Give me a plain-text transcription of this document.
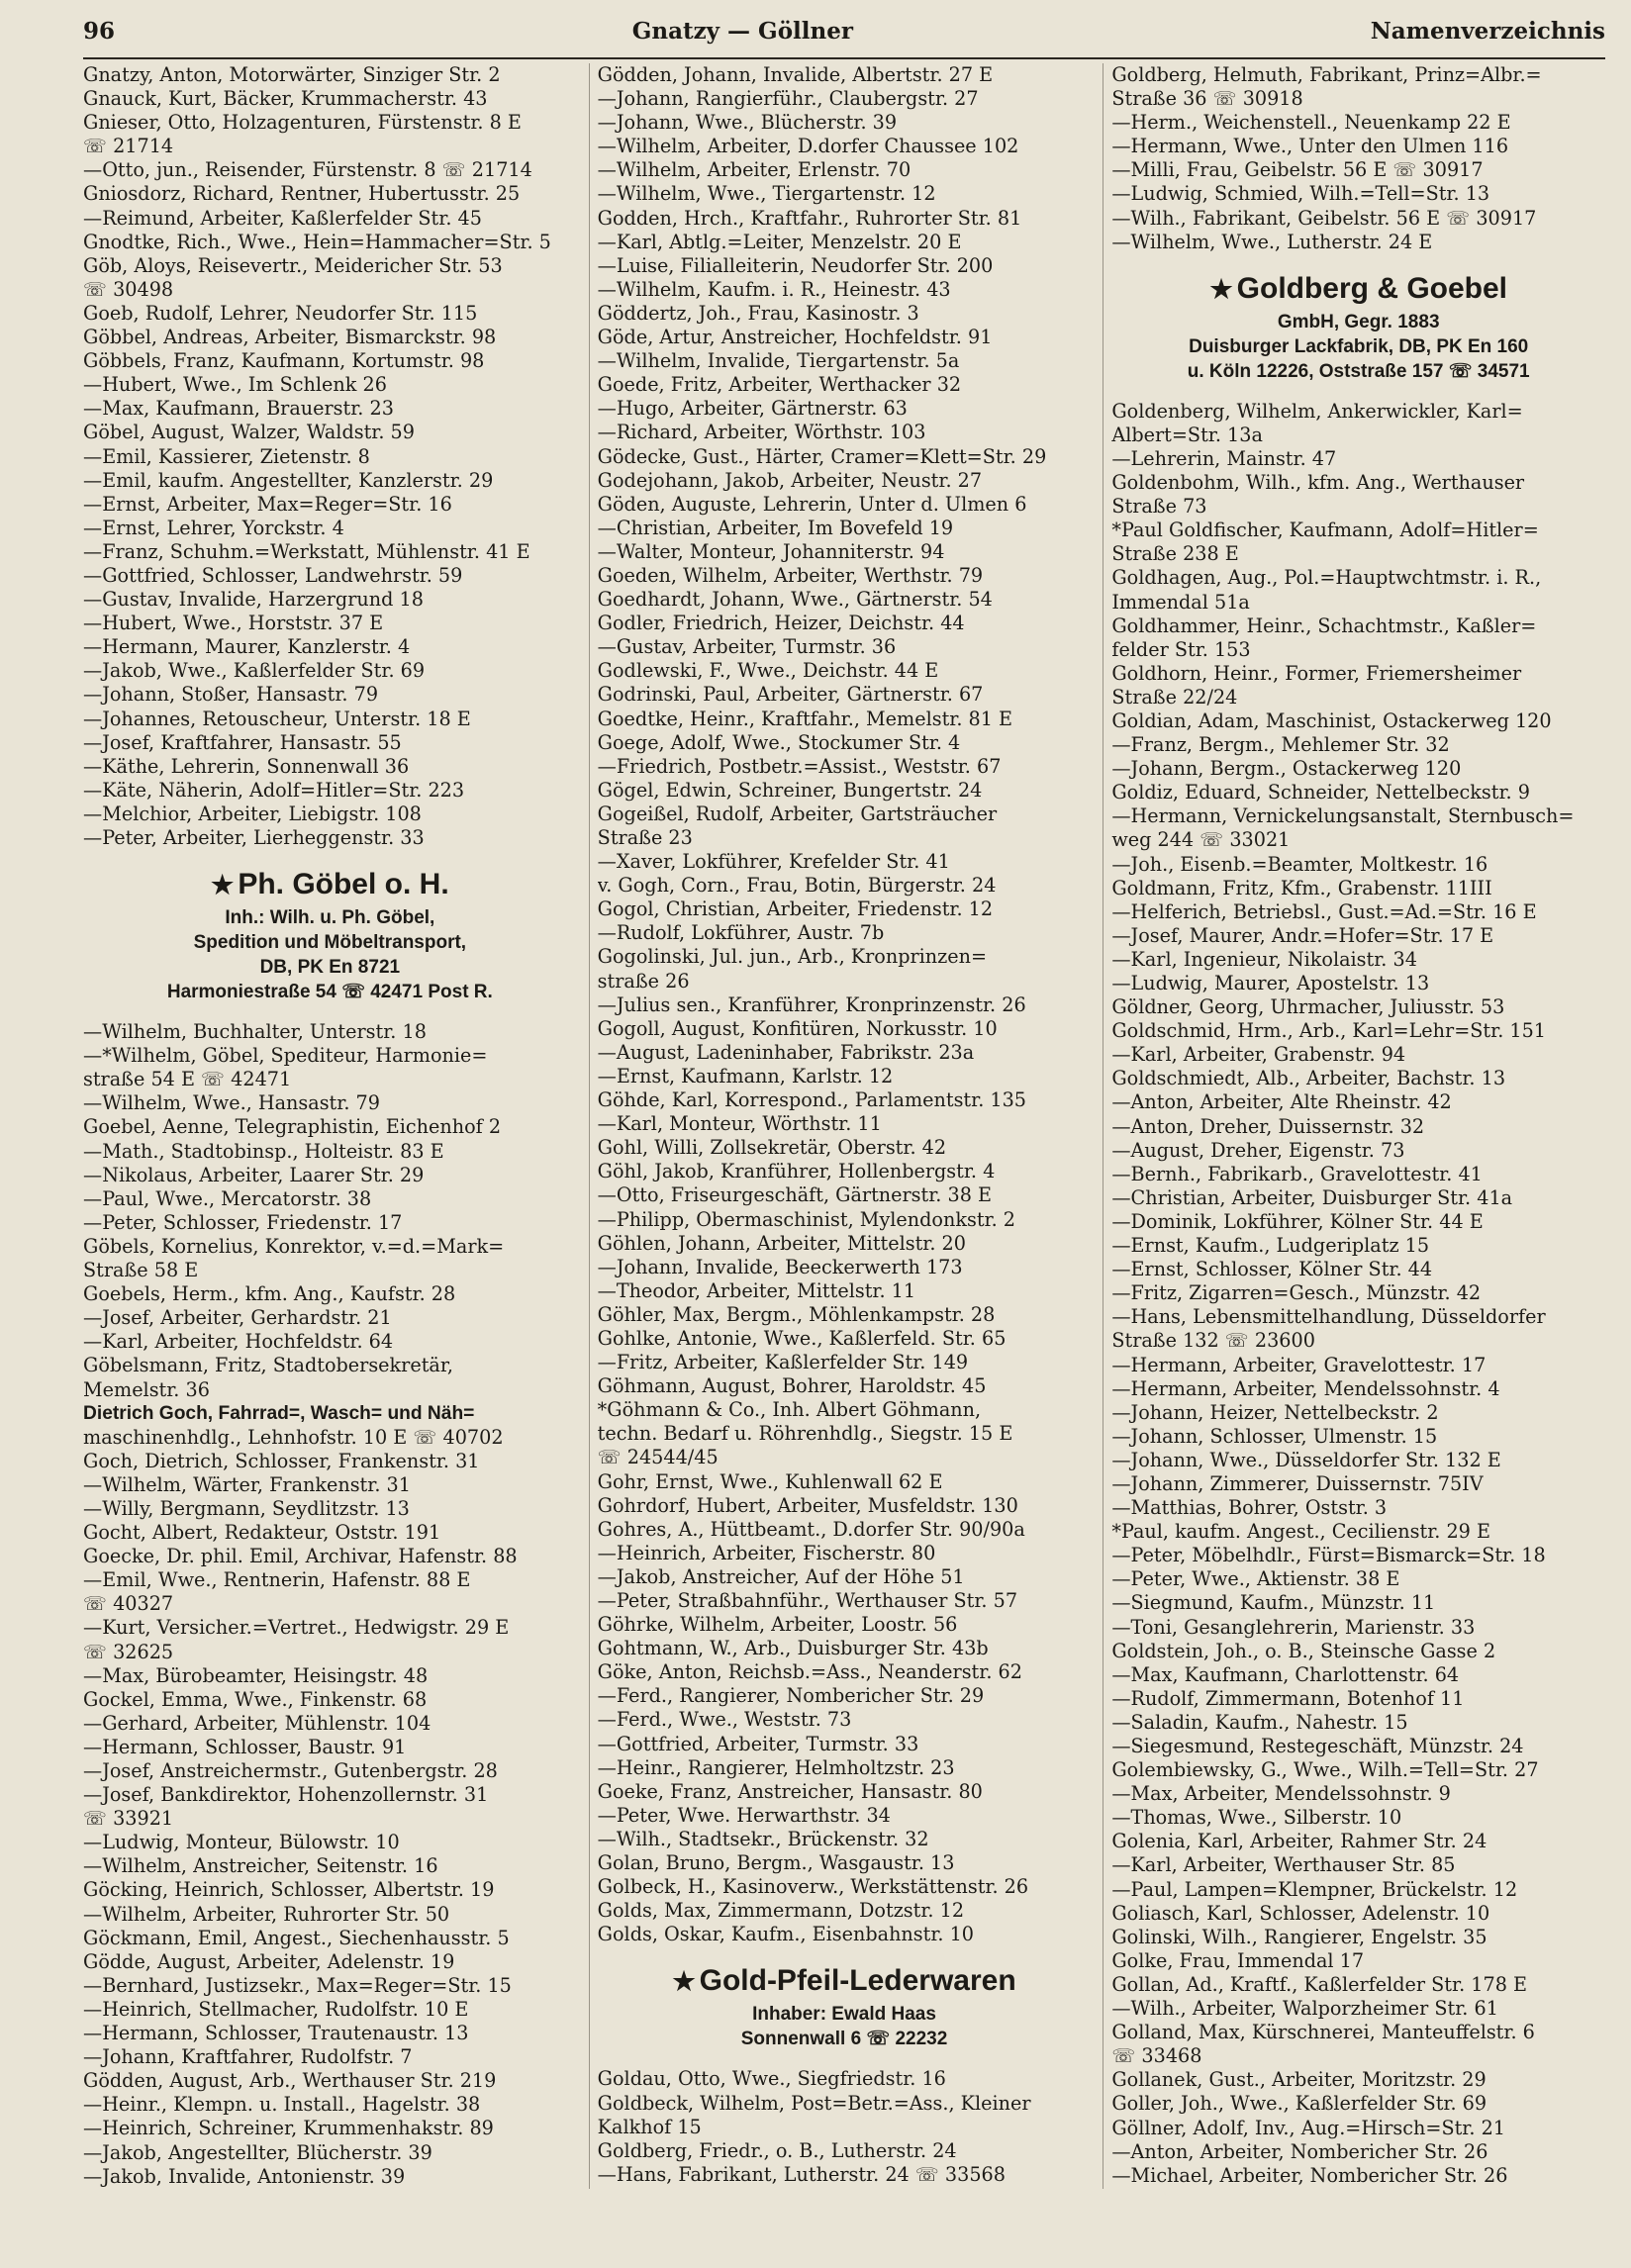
96	Gnatzy — Göllner	Namenverzeichnis
Gnatzy, Anton, Motorwärter, Sinziger Str. 2
Gnauck, Kurt, Bäcker, Krummacherstr. 43
Gnieser, Otto, Holzagenturen, Fürstenstr. 8 E
☏ 21714
—Otto, jun., Reisender, Fürstenstr. 8 ☏ 21714
Gniosdorz, Richard, Rentner, Hubertusstr. 25
—Reimund, Arbeiter, Kaßlerfelder Str. 45
Gnodtke, Rich., Wwe., Hein=Hammacher=Str. 5
Göb, Aloys, Reisevertr., Meidericher Str. 53
☏ 30498
Goeb, Rudolf, Lehrer, Neudorfer Str. 115
Göbbel, Andreas, Arbeiter, Bismarckstr. 98
Göbbels, Franz, Kaufmann, Kortumstr. 98
—Hubert, Wwe., Im Schlenk 26
—Max, Kaufmann, Brauerstr. 23
Göbel, August, Walzer, Waldstr. 59
—Emil, Kassierer, Zietenstr. 8
—Emil, kaufm. Angestellter, Kanzlerstr. 29
—Ernst, Arbeiter, Max=Reger=Str. 16
—Ernst, Lehrer, Yorckstr. 4
—Franz, Schuhm.=Werkstatt, Mühlenstr. 41 E
—Gottfried, Schlosser, Landwehrstr. 59
—Gustav, Invalide, Harzergrund 18
—Hubert, Wwe., Horststr. 37 E
—Hermann, Maurer, Kanzlerstr. 4
—Jakob, Wwe., Kaßlerfelder Str. 69
—Johann, Stoßer, Hansastr. 79
—Johannes, Retouscheur, Unterstr. 18 E
—Josef, Kraftfahrer, Hansastr. 55
—Käthe, Lehrerin, Sonnenwall 36
—Käte, Näherin, Adolf=Hitler=Str. 223
—Melchior, Arbeiter, Liebigstr. 108
—Peter, Arbeiter, Lierheggenstr. 33
★ Ph. Göbel o. H.
Inh.: Wilh. u. Ph. Göbel,
Spedition und Möbeltransport,
DB, PK En 8721
Harmoniestraße 54 ☏ 42471 Post R.
—Wilhelm, Buchhalter, Unterstr. 18
—*Wilhelm, Göbel, Spediteur, Harmonie=
straße 54 E ☏ 42471
—Wilhelm, Wwe., Hansastr. 79
Goebel, Aenne, Telegraphistin, Eichenhof 2
—Math., Stadtobinsp., Holteistr. 83 E
—Nikolaus, Arbeiter, Laarer Str. 29
—Paul, Wwe., Mercatorstr. 38
—Peter, Schlosser, Friedenstr. 17
Göbels, Kornelius, Konrektor, v.=d.=Mark=
Straße 58 E
Goebels, Herm., kfm. Ang., Kaufstr. 28
—Josef, Arbeiter, Gerhardstr. 21
—Karl, Arbeiter, Hochfeldstr. 64
Göbelsmann, Fritz, Stadtobersekretär,
Memelstr. 36
Dietrich Goch, Fahrrad=, Wasch= und Näh=
maschinenhdlg., Lehnhofstr. 10 E ☏ 40702
Goch, Dietrich, Schlosser, Frankenstr. 31
—Wilhelm, Wärter, Frankenstr. 31
—Willy, Bergmann, Seydlitzstr. 13
Gocht, Albert, Redakteur, Oststr. 191
Goecke, Dr. phil. Emil, Archivar, Hafenstr. 88
—Emil, Wwe., Rentnerin, Hafenstr. 88 E
☏ 40327
—Kurt, Versicher.=Vertret., Hedwigstr. 29 E
☏ 32625
—Max, Bürobeamter, Heisingstr. 48
Gockel, Emma, Wwe., Finkenstr. 68
—Gerhard, Arbeiter, Mühlenstr. 104
—Hermann, Schlosser, Baustr. 91
—Josef, Anstreichermstr., Gutenbergstr. 28
—Josef, Bankdirektor, Hohenzollernstr. 31
☏ 33921
—Ludwig, Monteur, Bülowstr. 10
—Wilhelm, Anstreicher, Seitenstr. 16
Göcking, Heinrich, Schlosser, Albertstr. 19
—Wilhelm, Arbeiter, Ruhrorter Str. 50
Göckmann, Emil, Angest., Siechenhausstr. 5
Gödde, August, Arbeiter, Adelenstr. 19
—Bernhard, Justizsekr., Max=Reger=Str. 15
—Heinrich, Stellmacher, Rudolfstr. 10 E
—Hermann, Schlosser, Trautenaustr. 13
—Johann, Kraftfahrer, Rudolfstr. 7
Gödden, August, Arb., Werthauser Str. 219
—Heinr., Klempn. u. Install., Hagelstr. 38
—Heinrich, Schreiner, Krummenhakstr. 89
—Jakob, Angestellter, Blücherstr. 39
—Jakob, Invalide, Antonienstr. 39
Gödden, Johann, Invalide, Albertstr. 27 E
—Johann, Rangierführ., Claubergstr. 27
—Johann, Wwe., Blücherstr. 39
—Wilhelm, Arbeiter, D.dorfer Chaussee 102
—Wilhelm, Arbeiter, Erlenstr. 70
—Wilhelm, Wwe., Tiergartenstr. 12
Godden, Hrch., Kraftfahr., Ruhrorter Str. 81
—Karl, Abtlg.=Leiter, Menzelstr. 20 E
—Luise, Filialleiterin, Neudorfer Str. 200
—Wilhelm, Kaufm. i. R., Heinestr. 43
Göddertz, Joh., Frau, Kasinostr. 3
Göde, Artur, Anstreicher, Hochfeldstr. 91
—Wilhelm, Invalide, Tiergartenstr. 5a
Goede, Fritz, Arbeiter, Werthacker 32
—Hugo, Arbeiter, Gärtnerstr. 63
—Richard, Arbeiter, Wörthstr. 103
Gödecke, Gust., Härter, Cramer=Klett=Str. 29
Godejohann, Jakob, Arbeiter, Neustr. 27
Göden, Auguste, Lehrerin, Unter d. Ulmen 6
—Christian, Arbeiter, Im Bovefeld 19
—Walter, Monteur, Johanniterstr. 94
Goeden, Wilhelm, Arbeiter, Werthstr. 79
Goedhardt, Johann, Wwe., Gärtnerstr. 54
Godler, Friedrich, Heizer, Deichstr. 44
—Gustav, Arbeiter, Turmstr. 36
Godlewski, F., Wwe., Deichstr. 44 E
Godrinski, Paul, Arbeiter, Gärtnerstr. 67
Goedtke, Heinr., Kraftfahr., Memelstr. 81 E
Goege, Adolf, Wwe., Stockumer Str. 4
—Friedrich, Postbetr.=Assist., Weststr. 67
Gögel, Edwin, Schreiner, Bungertstr. 24
Gogeißel, Rudolf, Arbeiter, Gartsträucher
Straße 23
—Xaver, Lokführer, Krefelder Str. 41
v. Gogh, Corn., Frau, Botin, Bürgerstr. 24
Gogol, Christian, Arbeiter, Friedenstr. 12
—Rudolf, Lokführer, Austr. 7b
Gogolinski, Jul. jun., Arb., Kronprinzen=
straße 26
—Julius sen., Kranführer, Kronprinzenstr. 26
Gogoll, August, Konfitüren, Norkusstr. 10
—August, Ladeninhaber, Fabrikstr. 23a
—Ernst, Kaufmann, Karlstr. 12
Göhde, Karl, Korrespond., Parlamentstr. 135
—Karl, Monteur, Wörthstr. 11
Gohl, Willi, Zollsekretär, Oberstr. 42
Göhl, Jakob, Kranführer, Hollenbergstr. 4
—Otto, Friseurgeschäft, Gärtnerstr. 38 E
—Philipp, Obermaschinist, Mylendonkstr. 2
Göhlen, Johann, Arbeiter, Mittelstr. 20
—Johann, Invalide, Beeckerwerth 173
—Theodor, Arbeiter, Mittelstr. 11
Göhler, Max, Bergm., Möhlenkampstr. 28
Gohlke, Antonie, Wwe., Kaßlerfeld. Str. 65
—Fritz, Arbeiter, Kaßlerfelder Str. 149
Göhmann, August, Bohrer, Haroldstr. 45
*Göhmann & Co., Inh. Albert Göhmann,
techn. Bedarf u. Röhrenhdlg., Siegstr. 15 E
☏ 24544/45
Gohr, Ernst, Wwe., Kuhlenwall 62 E
Gohrdorf, Hubert, Arbeiter, Musfeldstr. 130
Gohres, A., Hüttbeamt., D.dorfer Str. 90/90a
—Heinrich, Arbeiter, Fischerstr. 80
—Jakob, Anstreicher, Auf der Höhe 51
—Peter, Straßbahnführ., Werthauser Str. 57
Göhrke, Wilhelm, Arbeiter, Loostr. 56
Gohtmann, W., Arb., Duisburger Str. 43b
Göke, Anton, Reichsb.=Ass., Neanderstr. 62
—Ferd., Rangierer, Nombericher Str. 29
—Ferd., Wwe., Weststr. 73
—Gottfried, Arbeiter, Turmstr. 33
—Heinr., Rangierer, Helmholtzstr. 23
Goeke, Franz, Anstreicher, Hansastr. 80
—Peter, Wwe. Herwarthstr. 34
—Wilh., Stadtsekr., Brückenstr. 32
Golan, Bruno, Bergm., Wasgaustr. 13
Golbeck, H., Kasinoverw., Werkstättenstr. 26
Golds, Max, Zimmermann, Dotzstr. 12
Golds, Oskar, Kaufm., Eisenbahnstr. 10
★ Gold-Pfeil-Lederwaren
Inhaber: Ewald Haas
Sonnenwall 6 ☏ 22232
Goldau, Otto, Wwe., Siegfriedstr. 16
Goldbeck, Wilhelm, Post=Betr.=Ass., Kleiner
Kalkhof 15
Goldberg, Friedr., o. B., Lutherstr. 24
—Hans, Fabrikant, Lutherstr. 24 ☏ 33568
Goldberg, Helmuth, Fabrikant, Prinz=Albr.=
Straße 36 ☏ 30918
—Herm., Weichenstell., Neuenkamp 22 E
—Hermann, Wwe., Unter den Ulmen 116
—Milli, Frau, Geibelstr. 56 E ☏ 30917
—Ludwig, Schmied, Wilh.=Tell=Str. 13
—Wilh., Fabrikant, Geibelstr. 56 E ☏ 30917
—Wilhelm, Wwe., Lutherstr. 24 E
★ Goldberg & Goebel
GmbH, Gegr. 1883
Duisburger Lackfabrik, DB, PK En 160
u. Köln 12226, Oststraße 157 ☏ 34571
Goldenberg, Wilhelm, Ankerwickler, Karl=
Albert=Str. 13a
—Lehrerin, Mainstr. 47
Goldenbohm, Wilh., kfm. Ang., Werthauser
Straße 73
*Paul Goldfischer, Kaufmann, Adolf=Hitler=
Straße 238 E
Goldhagen, Aug., Pol.=Hauptwchtmstr. i. R.,
Immendal 51a
Goldhammer, Heinr., Schachtmstr., Kaßler=
felder Str. 153
Goldhorn, Heinr., Former, Friemersheimer
Straße 22/24
Goldian, Adam, Maschinist, Ostackerweg 120
—Franz, Bergm., Mehlemer Str. 32
—Johann, Bergm., Ostackerweg 120
Goldiz, Eduard, Schneider, Nettelbeckstr. 9
—Hermann, Vernickelungsanstalt, Sternbusch=
weg 244 ☏ 33021
—Joh., Eisenb.=Beamter, Moltkestr. 16
Goldmann, Fritz, Kfm., Grabenstr. 11III
—Helferich, Betriebsl., Gust.=Ad.=Str. 16 E
—Josef, Maurer, Andr.=Hofer=Str. 17 E
—Karl, Ingenieur, Nikolaistr. 34
—Ludwig, Maurer, Apostelstr. 13
Göldner, Georg, Uhrmacher, Juliusstr. 53
Goldschmid, Hrm., Arb., Karl=Lehr=Str. 151
—Karl, Arbeiter, Grabenstr. 94
Goldschmiedt, Alb., Arbeiter, Bachstr. 13
—Anton, Arbeiter, Alte Rheinstr. 42
—Anton, Dreher, Duissernstr. 32
—August, Dreher, Eigenstr. 73
—Bernh., Fabrikarb., Gravelottestr. 41
—Christian, Arbeiter, Duisburger Str. 41a
—Dominik, Lokführer, Kölner Str. 44 E
—Ernst, Kaufm., Ludgeriplatz 15
—Ernst, Schlosser, Kölner Str. 44
—Fritz, Zigarren=Gesch., Münzstr. 42
—Hans, Lebensmittelhandlung, Düsseldorfer
Straße 132 ☏ 23600
—Hermann, Arbeiter, Gravelottestr. 17
—Hermann, Arbeiter, Mendelssohnstr. 4
—Johann, Heizer, Nettelbeckstr. 2
—Johann, Schlosser, Ulmenstr. 15
—Johann, Wwe., Düsseldorfer Str. 132 E
—Johann, Zimmerer, Duissernstr. 75IV
—Matthias, Bohrer, Oststr. 3
*Paul, kaufm. Angest., Cecilienstr. 29 E
—Peter, Möbelhdlr., Fürst=Bismarck=Str. 18
—Peter, Wwe., Aktienstr. 38 E
—Siegmund, Kaufm., Münzstr. 11
—Toni, Gesanglehrerin, Marienstr. 33
Goldstein, Joh., o. B., Steinsche Gasse 2
—Max, Kaufmann, Charlottenstr. 64
—Rudolf, Zimmermann, Botenhof 11
—Saladin, Kaufm., Nahestr. 15
—Siegesmund, Restegeschäft, Münzstr. 24
Golembiewsky, G., Wwe., Wilh.=Tell=Str. 27
—Max, Arbeiter, Mendelssohnstr. 9
—Thomas, Wwe., Silberstr. 10
Golenia, Karl, Arbeiter, Rahmer Str. 24
—Karl, Arbeiter, Werthauser Str. 85
—Paul, Lampen=Klempner, Brückelstr. 12
Goliasch, Karl, Schlosser, Adelenstr. 10
Golinski, Wilh., Rangierer, Engelstr. 35
Golke, Frau, Immendal 17
Gollan, Ad., Kraftf., Kaßlerfelder Str. 178 E
—Wilh., Arbeiter, Walporzheimer Str. 61
Golland, Max, Kürschnerei, Manteuffelstr. 6
☏ 33468
Gollanek, Gust., Arbeiter, Moritzstr. 29
Goller, Joh., Wwe., Kaßlerfelder Str. 69
Göllner, Adolf, Inv., Aug.=Hirsch=Str. 21
—Anton, Arbeiter, Nombericher Str. 26
—Michael, Arbeiter, Nombericher Str. 26
